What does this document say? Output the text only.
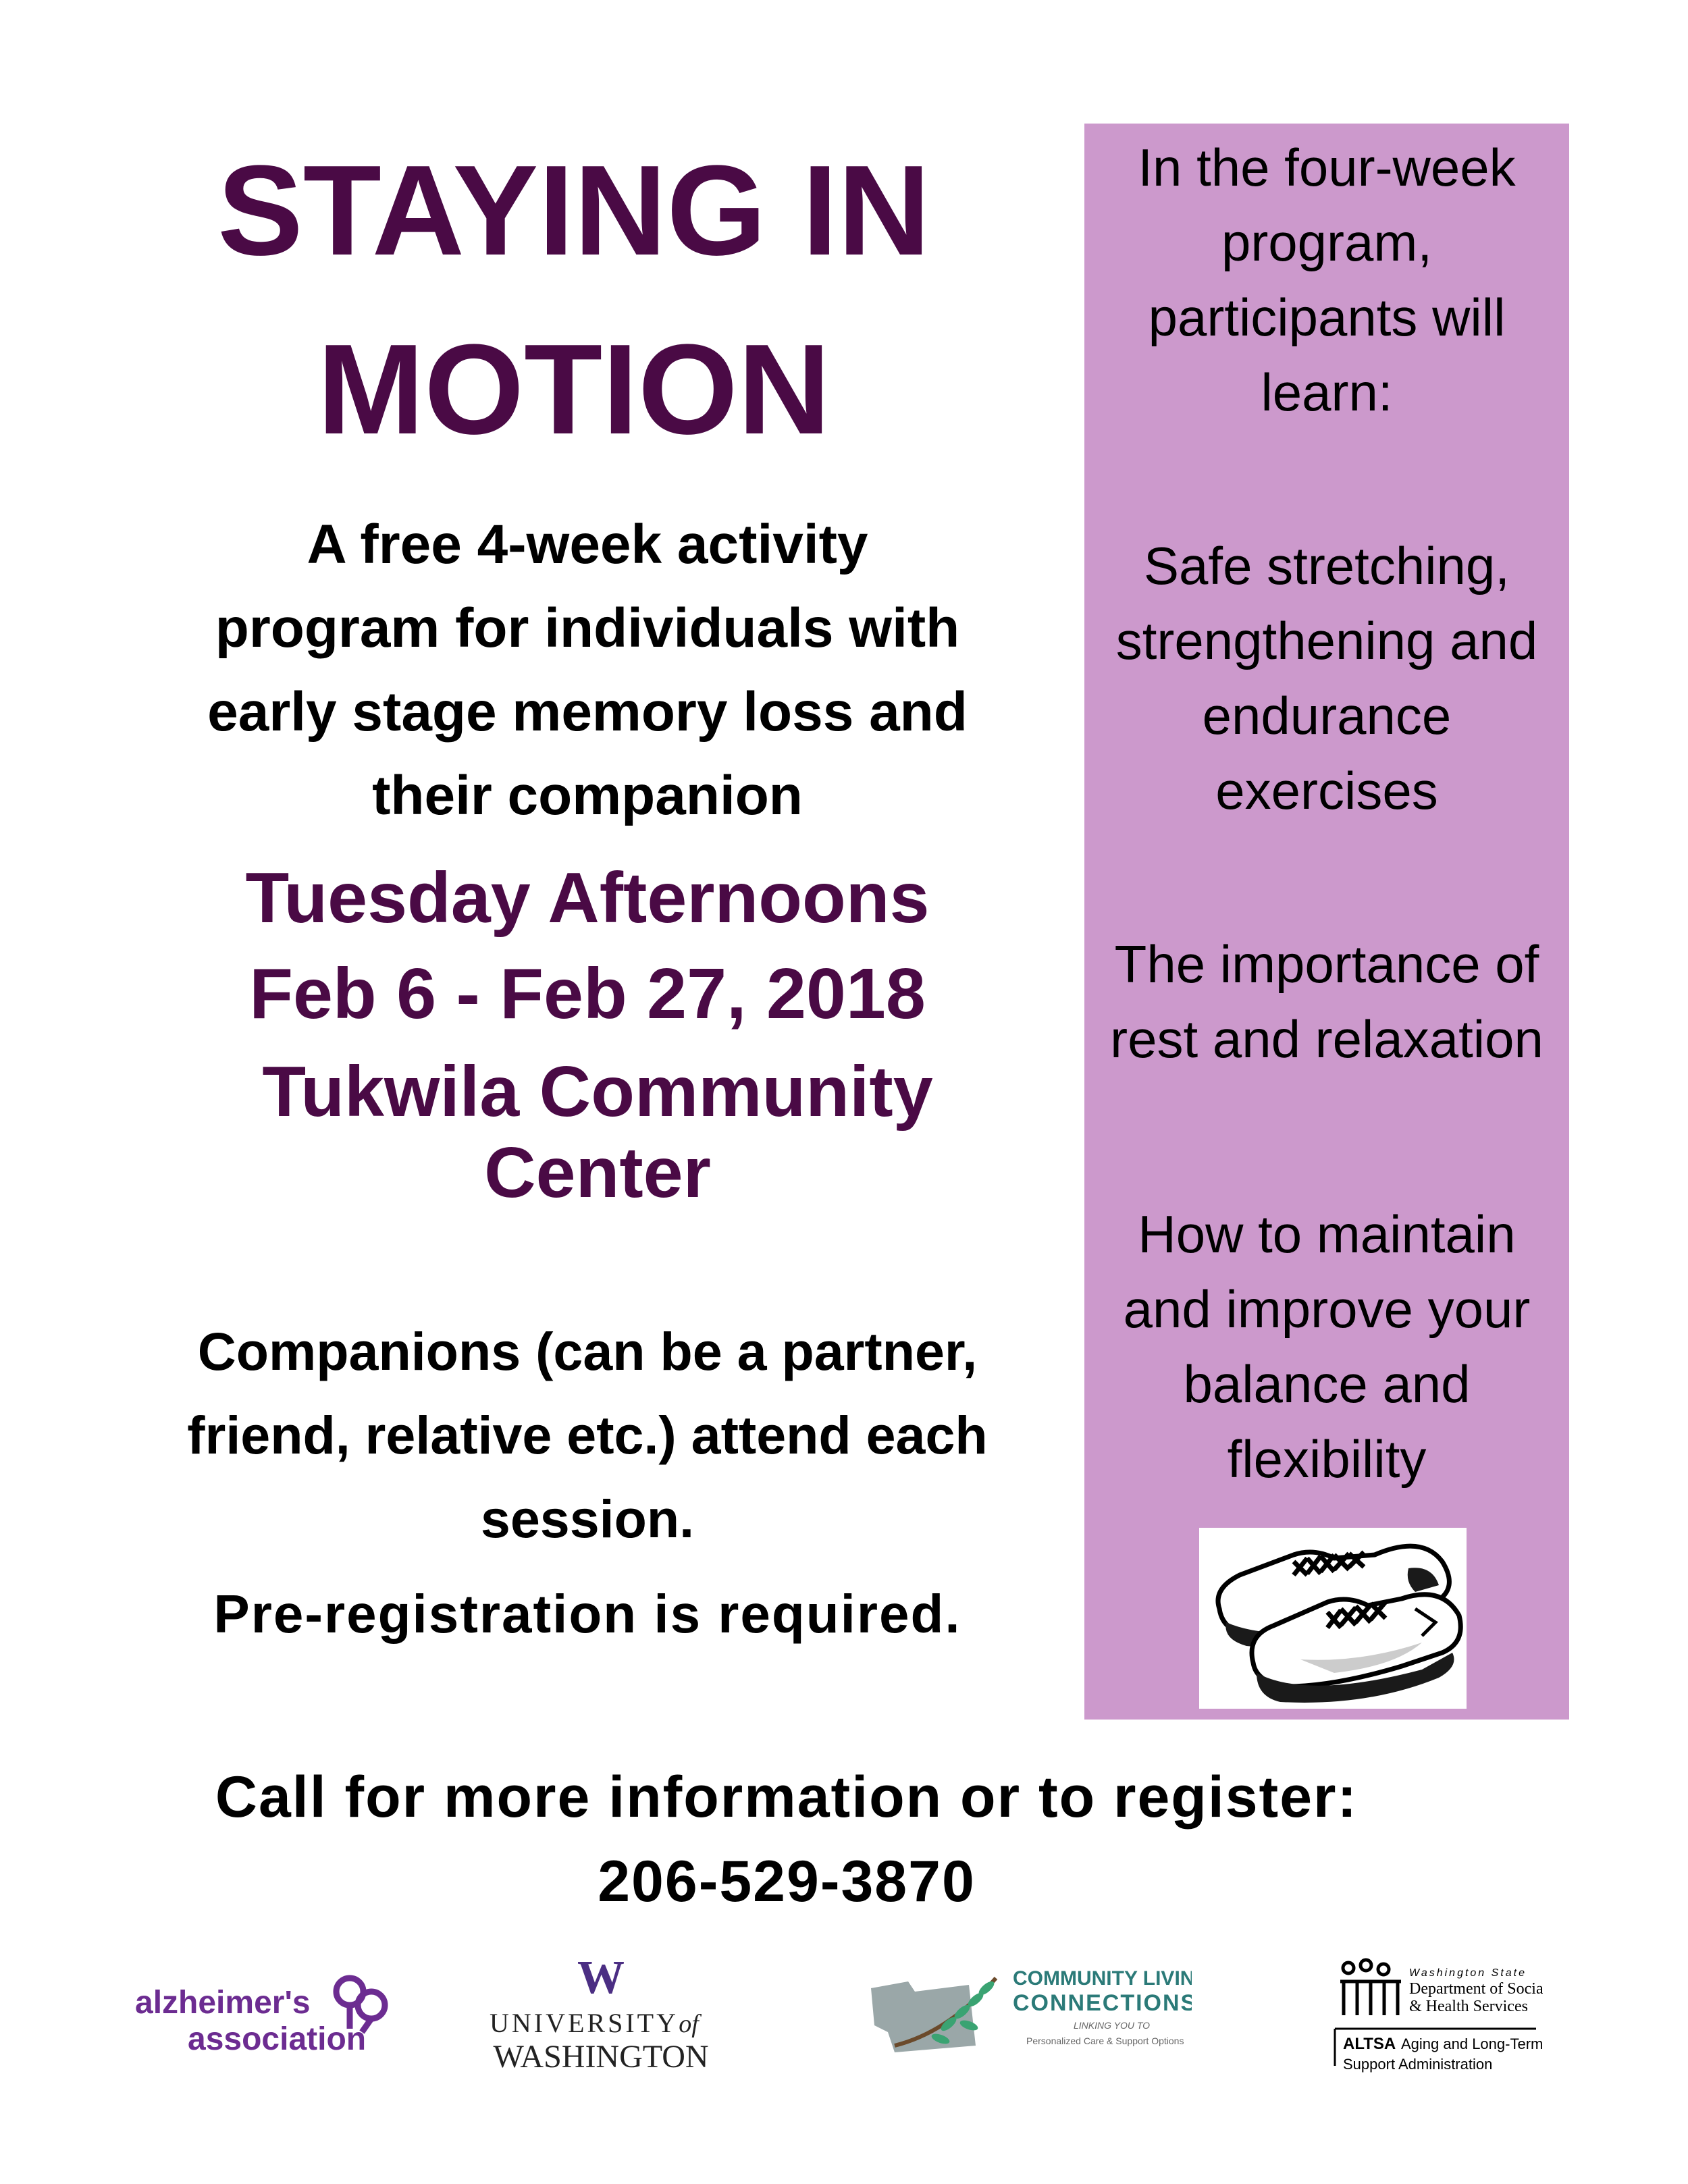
STAYING IN
MOTION
A free 4-week activity
program for individuals with
early stage memory loss and
their companion
Tuesday Afternoons
Feb 6 - Feb 27, 2018
Tukwila Community
Center
Companions (can be a partner,
friend, relative etc.) attend each
session.
Pre-registration is required.
In the four-week
program,
participants will
learn:
Safe stretching,
strengthening and
endurance
exercises
The importance of
rest and relaxation
How to maintain
and improve your
balance and
flexibility
Call for more information or to register:
206-529-3870
alzheimer's
association
W
UNIVERSITY of
WASHINGTON
COMMUNITY LIVING
CONNECTIONS
LINKING YOU TO
Personalized Care & Support Options
Washington State
Department of Social
& Health Services
ALTSA Aging and Long-Term
Support Administration
